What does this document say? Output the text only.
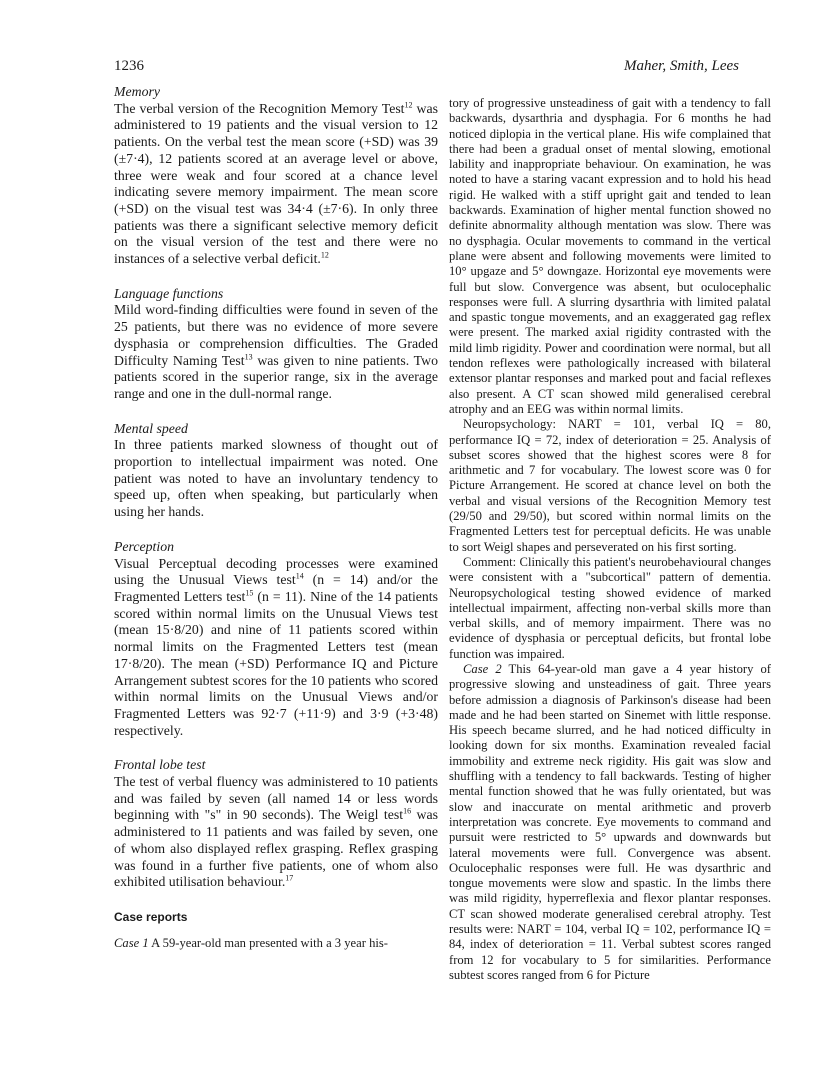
1236	Maher, Smith, Lees

Memory

The verbal version of the Recognition Memory Test$^{12}$ was administered to 19 patients and the visual version to 12 patients. On the verbal test the mean score (+SD) was 39 (±7·4), 12 patients scored at an average level or above, three were weak and four scored at a chance level indicating severe memory impairment. The mean score (+SD) on the visual test was 34·4 (±7·6). In only three patients was there a significant selective memory deficit on the visual version of the test and there were no instances of a selective verbal deficit.$^{12}$

Language functions

Mild word-finding difficulties were found in seven of the 25 patients, but there was no evidence of more severe dysphasia or comprehension difficulties. The Graded Difficulty Naming Test$^{13}$ was given to nine patients. Two patients scored in the superior range, six in the average range and one in the dull-normal range.

Mental speed

In three patients marked slowness of thought out of proportion to intellectual impairment was noted. One patient was noted to have an involuntary tendency to speed up, often when speaking, but particularly when using her hands.

Perception

Visual Perceptual decoding processes were examined using the Unusual Views test$^{14}$ (n = 14) and/or the Fragmented Letters test$^{15}$ (n = 11). Nine of the 14 patients scored within normal limits on the Unusual Views test (mean 15·8/20) and nine of 11 patients scored within normal limits on the Fragmented Letters test (mean 17·8/20). The mean (+SD) Performance IQ and Picture Arrangement subtest scores for the 10 patients who scored within normal limits on the Unusual Views and/or Fragmented Letters was 92·7 (+11·9) and 3·9 (+3·48) respectively.

Frontal lobe test

The test of verbal fluency was administered to 10 patients and was failed by seven (all named 14 or less words beginning with "s" in 90 seconds). The Weigl test$^{16}$ was administered to 11 patients and was failed by seven, one of whom also displayed reflex grasping. Reflex grasping was found in a further five patients, one of whom also exhibited utilisation behaviour.$^{17}$

Case reports

Case 1 A 59-year-old man presented with a 3 year his-

tory of progressive unsteadiness of gait with a tendency to fall backwards, dysarthria and dysphagia. For 6 months he had noticed diplopia in the vertical plane. His wife complained that there had been a gradual onset of mental slowing, emotional lability and inappropriate behaviour. On examination, he was noted to have a staring vacant expression and to hold his head rigid. He walked with a stiff upright gait and tended to lean backwards. Examination of higher mental function showed no definite abnormality although mentation was slow. There was no dysphagia. Ocular movements to command in the vertical plane were absent and following movements were limited to 10° upgaze and 5° downgaze. Horizontal eye movements were full but slow. Convergence was absent, but oculocephalic responses were full. A slurring dysarthria with limited palatal and spastic tongue movements, and an exaggerated gag reflex were present. The marked axial rigidity contrasted with the mild limb rigidity. Power and coordination were normal, but all tendon reflexes were pathologically increased with bilateral extensor plantar responses and marked pout and facial reflexes also present. A CT scan showed mild generalised cerebral atrophy and an EEG was within normal limits.

Neuropsychology: NART = 101, verbal IQ = 80, performance IQ = 72, index of deterioration = 25. Analysis of subset scores showed that the highest scores were 8 for arithmetic and 7 for vocabulary. The lowest score was 0 for Picture Arrangement. He scored at chance level on both the verbal and visual versions of the Recognition Memory test (29/50 and 29/50), but scored within normal limits on the Fragmented Letters test for perceptual deficits. He was unable to sort Weigl shapes and perseverated on his first sorting.

Comment: Clinically this patient's neurobehavioural changes were consistent with a "subcortical" pattern of dementia. Neuropsychological testing showed evidence of marked intellectual impairment, affecting non-verbal skills more than verbal skills, and of memory impairment. There was no evidence of dysphasia or perceptual deficits, but frontal lobe function was impaired.

Case 2 This 64-year-old man gave a 4 year history of progressive slowing and unsteadiness of gait. Three years before admission a diagnosis of Parkinson's disease had been made and he had been started on Sinemet with little response. His speech became slurred, and he had noticed difficulty in looking down for six months. Examination revealed facial immobility and extreme neck rigidity. His gait was slow and shuffling with a tendency to fall backwards. Testing of higher mental function showed that he was fully orientated, but was slow and inaccurate on mental arithmetic and proverb interpretation was concrete. Eye movements to command and pursuit were restricted to 5° upwards and downwards but lateral movements were full. Convergence was absent. Oculocephalic responses were full. He was dysarthric and tongue movements were slow and spastic. In the limbs there was mild rigidity, hyperreflexia and flexor plantar responses. CT scan showed moderate generalised cerebral atrophy. Test results were: NART = 104, verbal IQ = 102, performance IQ = 84, index of deterioration = 11. Verbal subtest scores ranged from 12 for vocabulary to 5 for similarities. Performance subtest scores ranged from 6 for Picture
